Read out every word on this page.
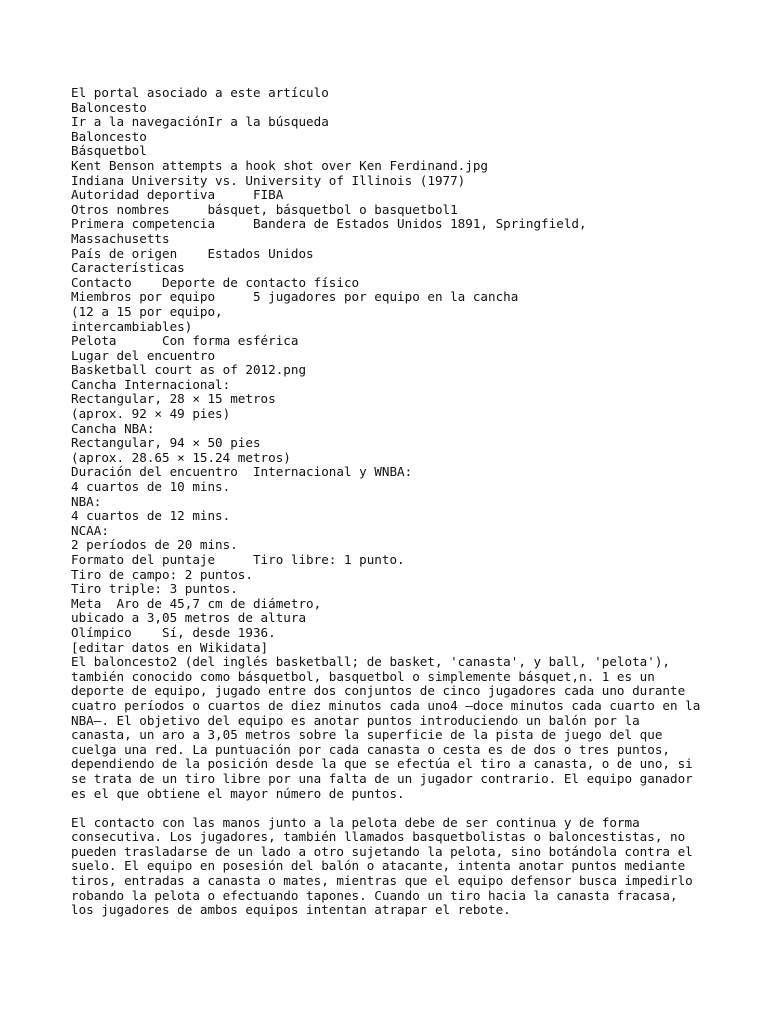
El portal asociado a este artículo
Baloncesto
Ir a la navegaciónIr a la búsqueda
Baloncesto
Básquetbol
Kent Benson attempts a hook shot over Ken Ferdinand.jpg
Indiana University vs. University of Illinois (1977)
Autoridad deportiva     FIBA
Otros nombres     básquet, básquetbol o basquetbol1
Primera competencia     Bandera de Estados Unidos 1891, Springfield,
Massachusetts
País de origen    Estados Unidos
Características
Contacto    Deporte de contacto físico
Miembros por equipo     5 jugadores por equipo en la cancha
(12 a 15 por equipo,
intercambiables)
Pelota      Con forma esférica
Lugar del encuentro
Basketball court as of 2012.png
Cancha Internacional:
Rectangular, 28 × 15 metros
(aprox. 92 × 49 pies)
Cancha NBA:
Rectangular, 94 × 50 pies
(aprox. 28.65 × 15.24 metros)
Duración del encuentro  Internacional y WNBA:
4 cuartos de 10 mins.
NBA:
4 cuartos de 12 mins.
NCAA:
2 períodos de 20 mins.
Formato del puntaje     Tiro libre: 1 punto.
Tiro de campo: 2 puntos.
Tiro triple: 3 puntos.
Meta  Aro de 45,7 cm de diámetro,
ubicado a 3,05 metros de altura
Olímpico    Sí, desde 1936.
[editar datos en Wikidata]
El baloncesto2 (del inglés basketball; de basket, 'canasta', y ball, 'pelota'),
también conocido como básquetbol, basquetbol o simplemente básquet,n. 1 es un
deporte de equipo, jugado entre dos conjuntos de cinco jugadores cada uno durante
cuatro períodos o cuartos de diez minutos cada uno4 —doce minutos cada cuarto en la
NBA—. El objetivo del equipo es anotar puntos introduciendo un balón por la
canasta, un aro a 3,05 metros sobre la superficie de la pista de juego del que
cuelga una red. La puntuación por cada canasta o cesta es de dos o tres puntos,
dependiendo de la posición desde la que se efectúa el tiro a canasta, o de uno, si
se trata de un tiro libre por una falta de un jugador contrario. El equipo ganador
es el que obtiene el mayor número de puntos.
El contacto con las manos junto a la pelota debe de ser continua y de forma
consecutiva. Los jugadores, también llamados basquetbolistas o baloncestistas, no
pueden trasladarse de un lado a otro sujetando la pelota, sino botándola contra el
suelo. El equipo en posesión del balón o atacante, intenta anotar puntos mediante
tiros, entradas a canasta o mates, mientras que el equipo defensor busca impedirlo
robando la pelota o efectuando tapones. Cuando un tiro hacia la canasta fracasa,
los jugadores de ambos equipos intentan atrapar el rebote.
